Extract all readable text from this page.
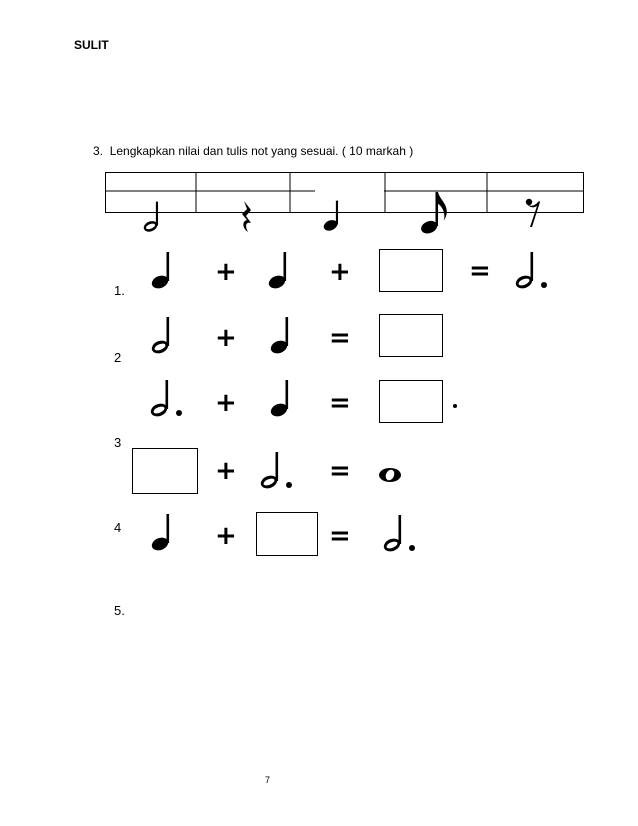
SULIT
3. Lengkapkan nilai dan tulis not yang sesuai. ( 10 markah )
1.
+	+	=
2
+	=
3
+	=
4
+	=
5.
+	=
7
